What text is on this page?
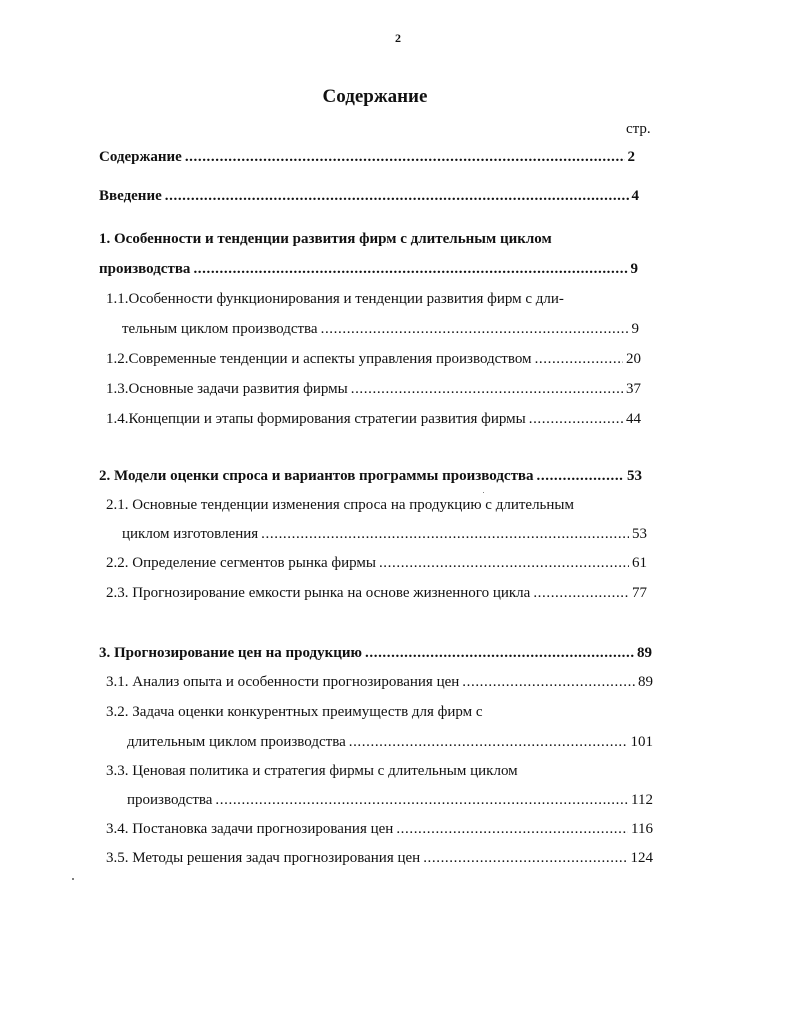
2
Содержание
стр.
Содержание .....	2
Введение .....	4
1. Особенности и тенденции развития фирм с длительным циклом
производства .....	9
1.1.Особенности функционирования и тенденции развития фирм с дли-
тельным циклом производства .....	9
1.2.Современные тенденции и аспекты управления производством .....	20
1.3.Основные задачи развития фирмы .....	37
1.4.Концепции и этапы формирования стратегии развития фирмы .....	44
2. Модели оценки спроса и вариантов программы производства .....	53
2.1. Основные тенденции изменения спроса на продукцию с длительным
циклом изготовления .....	53
2.2. Определение сегментов рынка фирмы .....	61
2.3. Прогнозирование емкости рынка на основе жизненного цикла .....	77
3. Прогнозирование цен на продукцию .....	89
3.1. Анализ опыта и особенности прогнозирования цен .....	89
3.2. Задача оценки конкурентных преимуществ для фирм с
длительным циклом производства .....	101
3.3. Ценовая политика и стратегия фирмы с длительным циклом
производства .....	112
3.4. Постановка задачи прогнозирования цен .....	116
3.5. Методы решения задач прогнозирования цен .....	124
